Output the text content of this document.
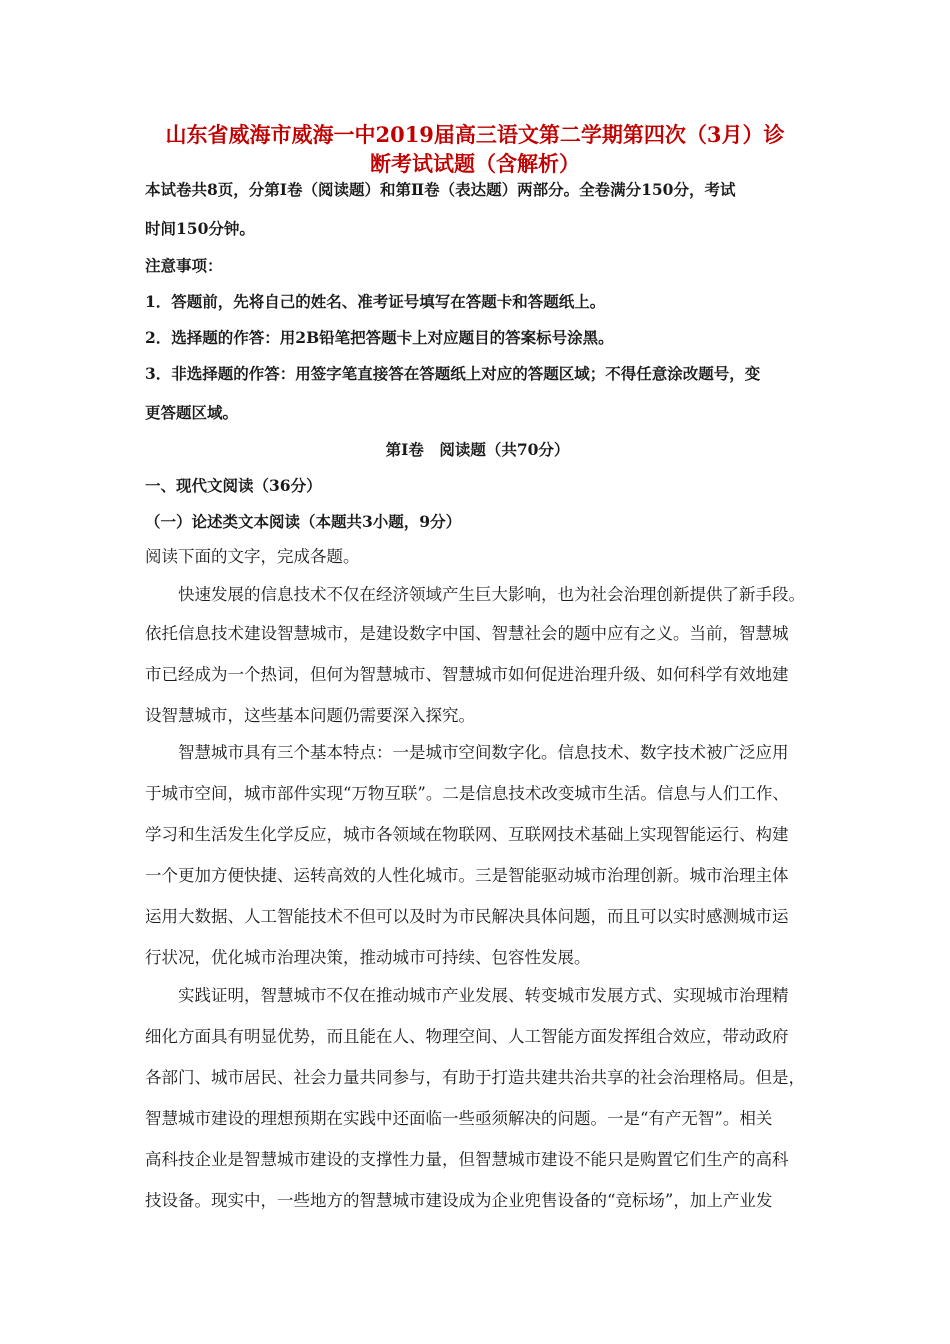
山东省威海市威海一中2019届高三语文第二学期第四次（3月）诊
断考试试题（含解析）
本试卷共8页，分第Ⅰ卷（阅读题）和第Ⅱ卷（表达题）两部分。全卷满分150分，考试
时间150分钟。
注意事项：
1．答题前，先将自己的姓名、准考证号填写在答题卡和答题纸上。
2．选择题的作答：用2B铅笔把答题卡上对应题目的答案标号涂黑。
3．非选择题的作答：用签字笔直接答在答题纸上对应的答题区域；不得任意涂改题号，变
更答题区域。
第Ⅰ卷　阅读题（共70分）
一、现代文阅读（36分）
（一）论述类文本阅读（本题共3小题，9分）
阅读下面的文字，完成各题。
快速发展的信息技术不仅在经济领域产生巨大影响，也为社会治理创新提供了新手段。
依托信息技术建设智慧城市，是建设数字中国、智慧社会的题中应有之义。当前，智慧城
市已经成为一个热词，但何为智慧城市、智慧城市如何促进治理升级、如何科学有效地建
设智慧城市，这些基本问题仍需要深入探究。
智慧城市具有三个基本特点：一是城市空间数字化。信息技术、数字技术被广泛应用
于城市空间，城市部件实现“万物互联”。二是信息技术改变城市生活。信息与人们工作、
学习和生活发生化学反应，城市各领域在物联网、互联网技术基础上实现智能运行、构建
一个更加方便快捷、运转高效的人性化城市。三是智能驱动城市治理创新。城市治理主体
运用大数据、人工智能技术不但可以及时为市民解决具体问题，而且可以实时感测城市运
行状况，优化城市治理决策，推动城市可持续、包容性发展。
实践证明，智慧城市不仅在推动城市产业发展、转变城市发展方式、实现城市治理精
细化方面具有明显优势，而且能在人、物理空间、人工智能方面发挥组合效应，带动政府
各部门、城市居民、社会力量共同参与，有助于打造共建共治共享的社会治理格局。但是，
智慧城市建设的理想预期在实践中还面临一些亟须解决的问题。一是“有产无智”。相关
高科技企业是智慧城市建设的支撑性力量，但智慧城市建设不能只是购置它们生产的高科
技设备。现实中，一些地方的智慧城市建设成为企业兜售设备的“竞标场”，加上产业发
